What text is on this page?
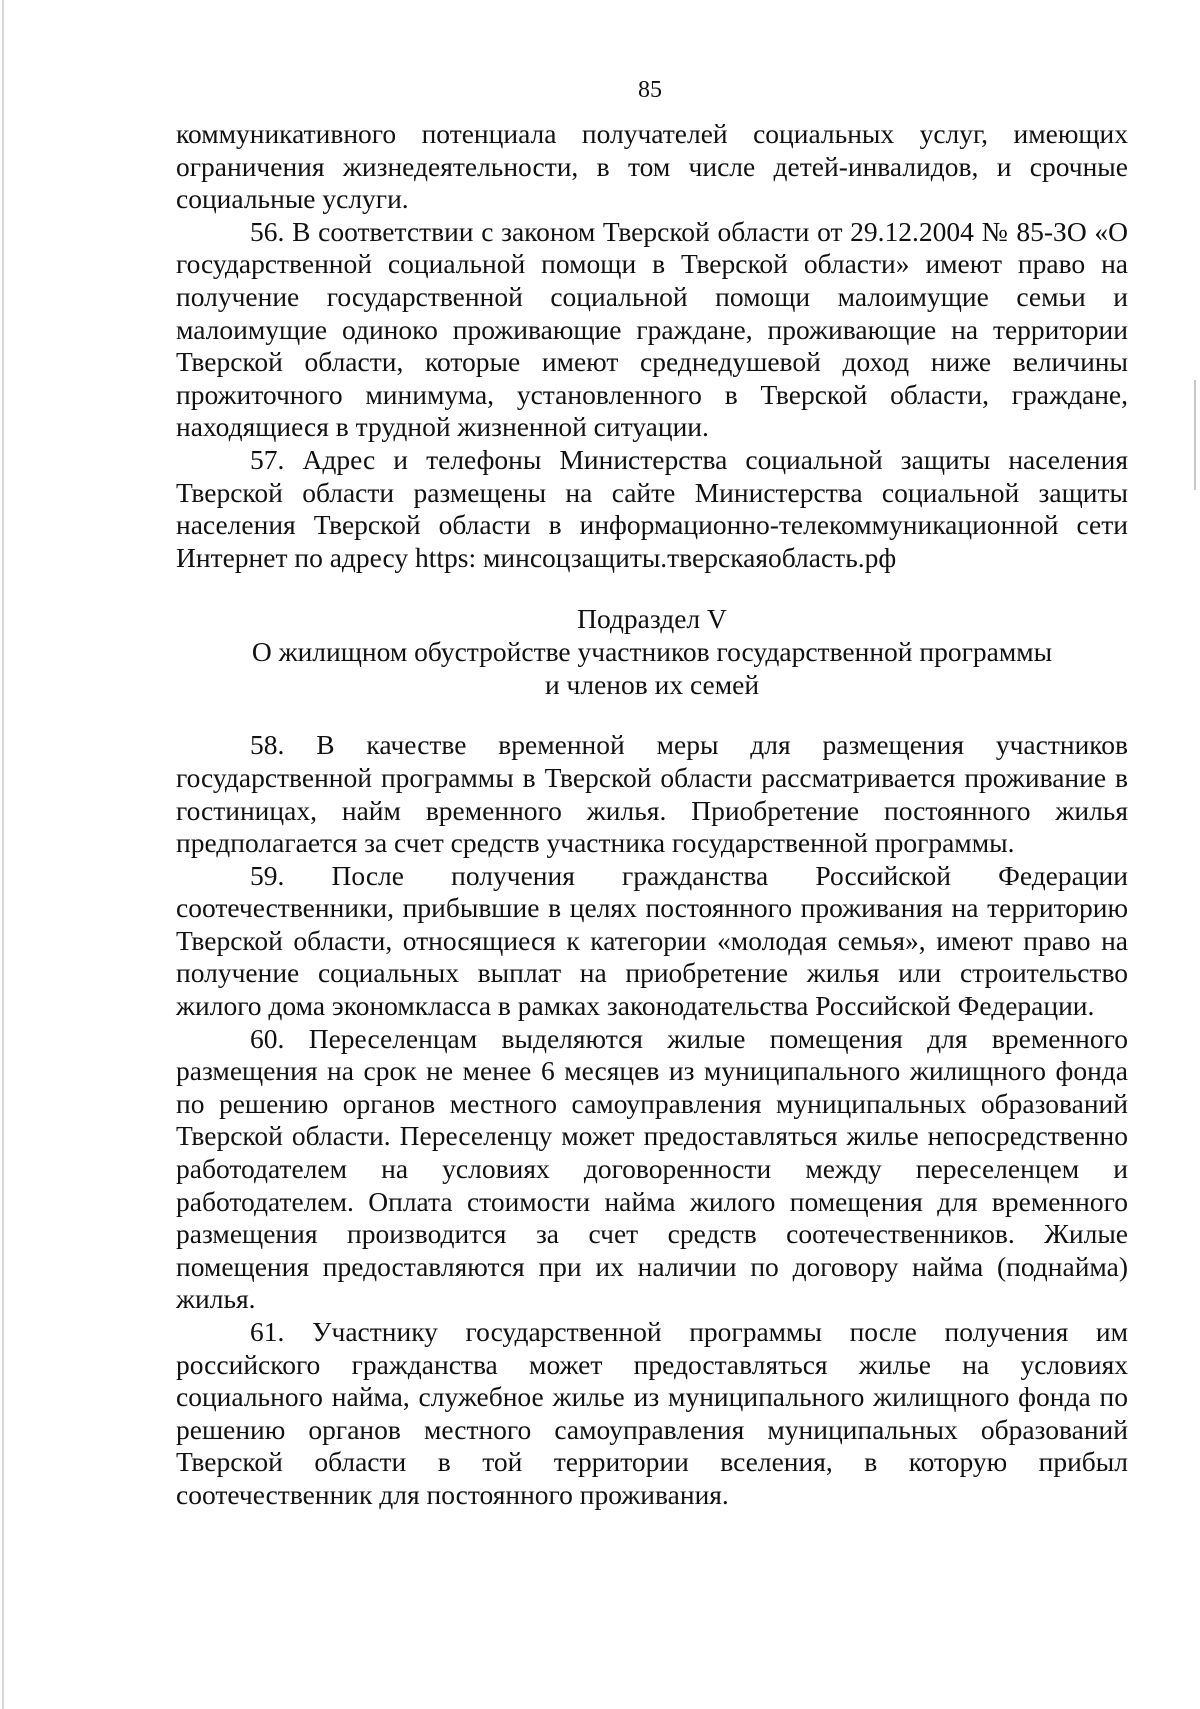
85

коммуникативного потенциала получателей социальных услуг, имеющих ограничения жизнедеятельности, в том числе детей-инвалидов, и срочные социальные услуги.

56. В соответствии с законом Тверской области от 29.12.2004 № 85-ЗО «О государственной социальной помощи в Тверской области» имеют право на получение государственной социальной помощи малоимущие семьи и малоимущие одиноко проживающие граждане, проживающие на территории Тверской области, которые имеют среднедушевой доход ниже величины прожиточного минимума, установленного в Тверской области, граждане, находящиеся в трудной жизненной ситуации.

57. Адрес и телефоны Министерства социальной защиты населения Тверской области размещены на сайте Министерства социальной защиты населения Тверской области в информационно-телекоммуникационной сети Интернет по адресу https: минсоцзащиты.тверскаяобласть.рф

Подраздел V

О жилищном обустройстве участников государственной программы

и членов их семей

58. В качестве временной меры для размещения участников государственной программы в Тверской области рассматривается проживание в гостиницах, найм временного жилья. Приобретение постоянного жилья предполагается за счет средств участника государственной программы.

59. После получения гражданства Российской Федерации соотечественники, прибывшие в целях постоянного проживания на территорию Тверской области, относящиеся к категории «молодая семья», имеют право на получение социальных выплат на приобретение жилья или строительство жилого дома экономкласса в рамках законодательства Российской Федерации.

60. Переселенцам выделяются жилые помещения для временного размещения на срок не менее 6 месяцев из муниципального жилищного фонда по решению органов местного самоуправления муниципальных образований Тверской области. Переселенцу может предоставляться жилье непосредственно работодателем на условиях договоренности между переселенцем и работодателем. Оплата стоимости найма жилого помещения для временного размещения производится за счет средств соотечественников. Жилые помещения предоставляются при их наличии по договору найма (поднайма) жилья.

61. Участнику государственной программы после получения им российского гражданства может предоставляться жилье на условиях социального найма, служебное жилье из муниципального жилищного фонда по решению органов местного самоуправления муниципальных образований Тверской области в той территории вселения, в которую прибыл соотечественник для постоянного проживания.
